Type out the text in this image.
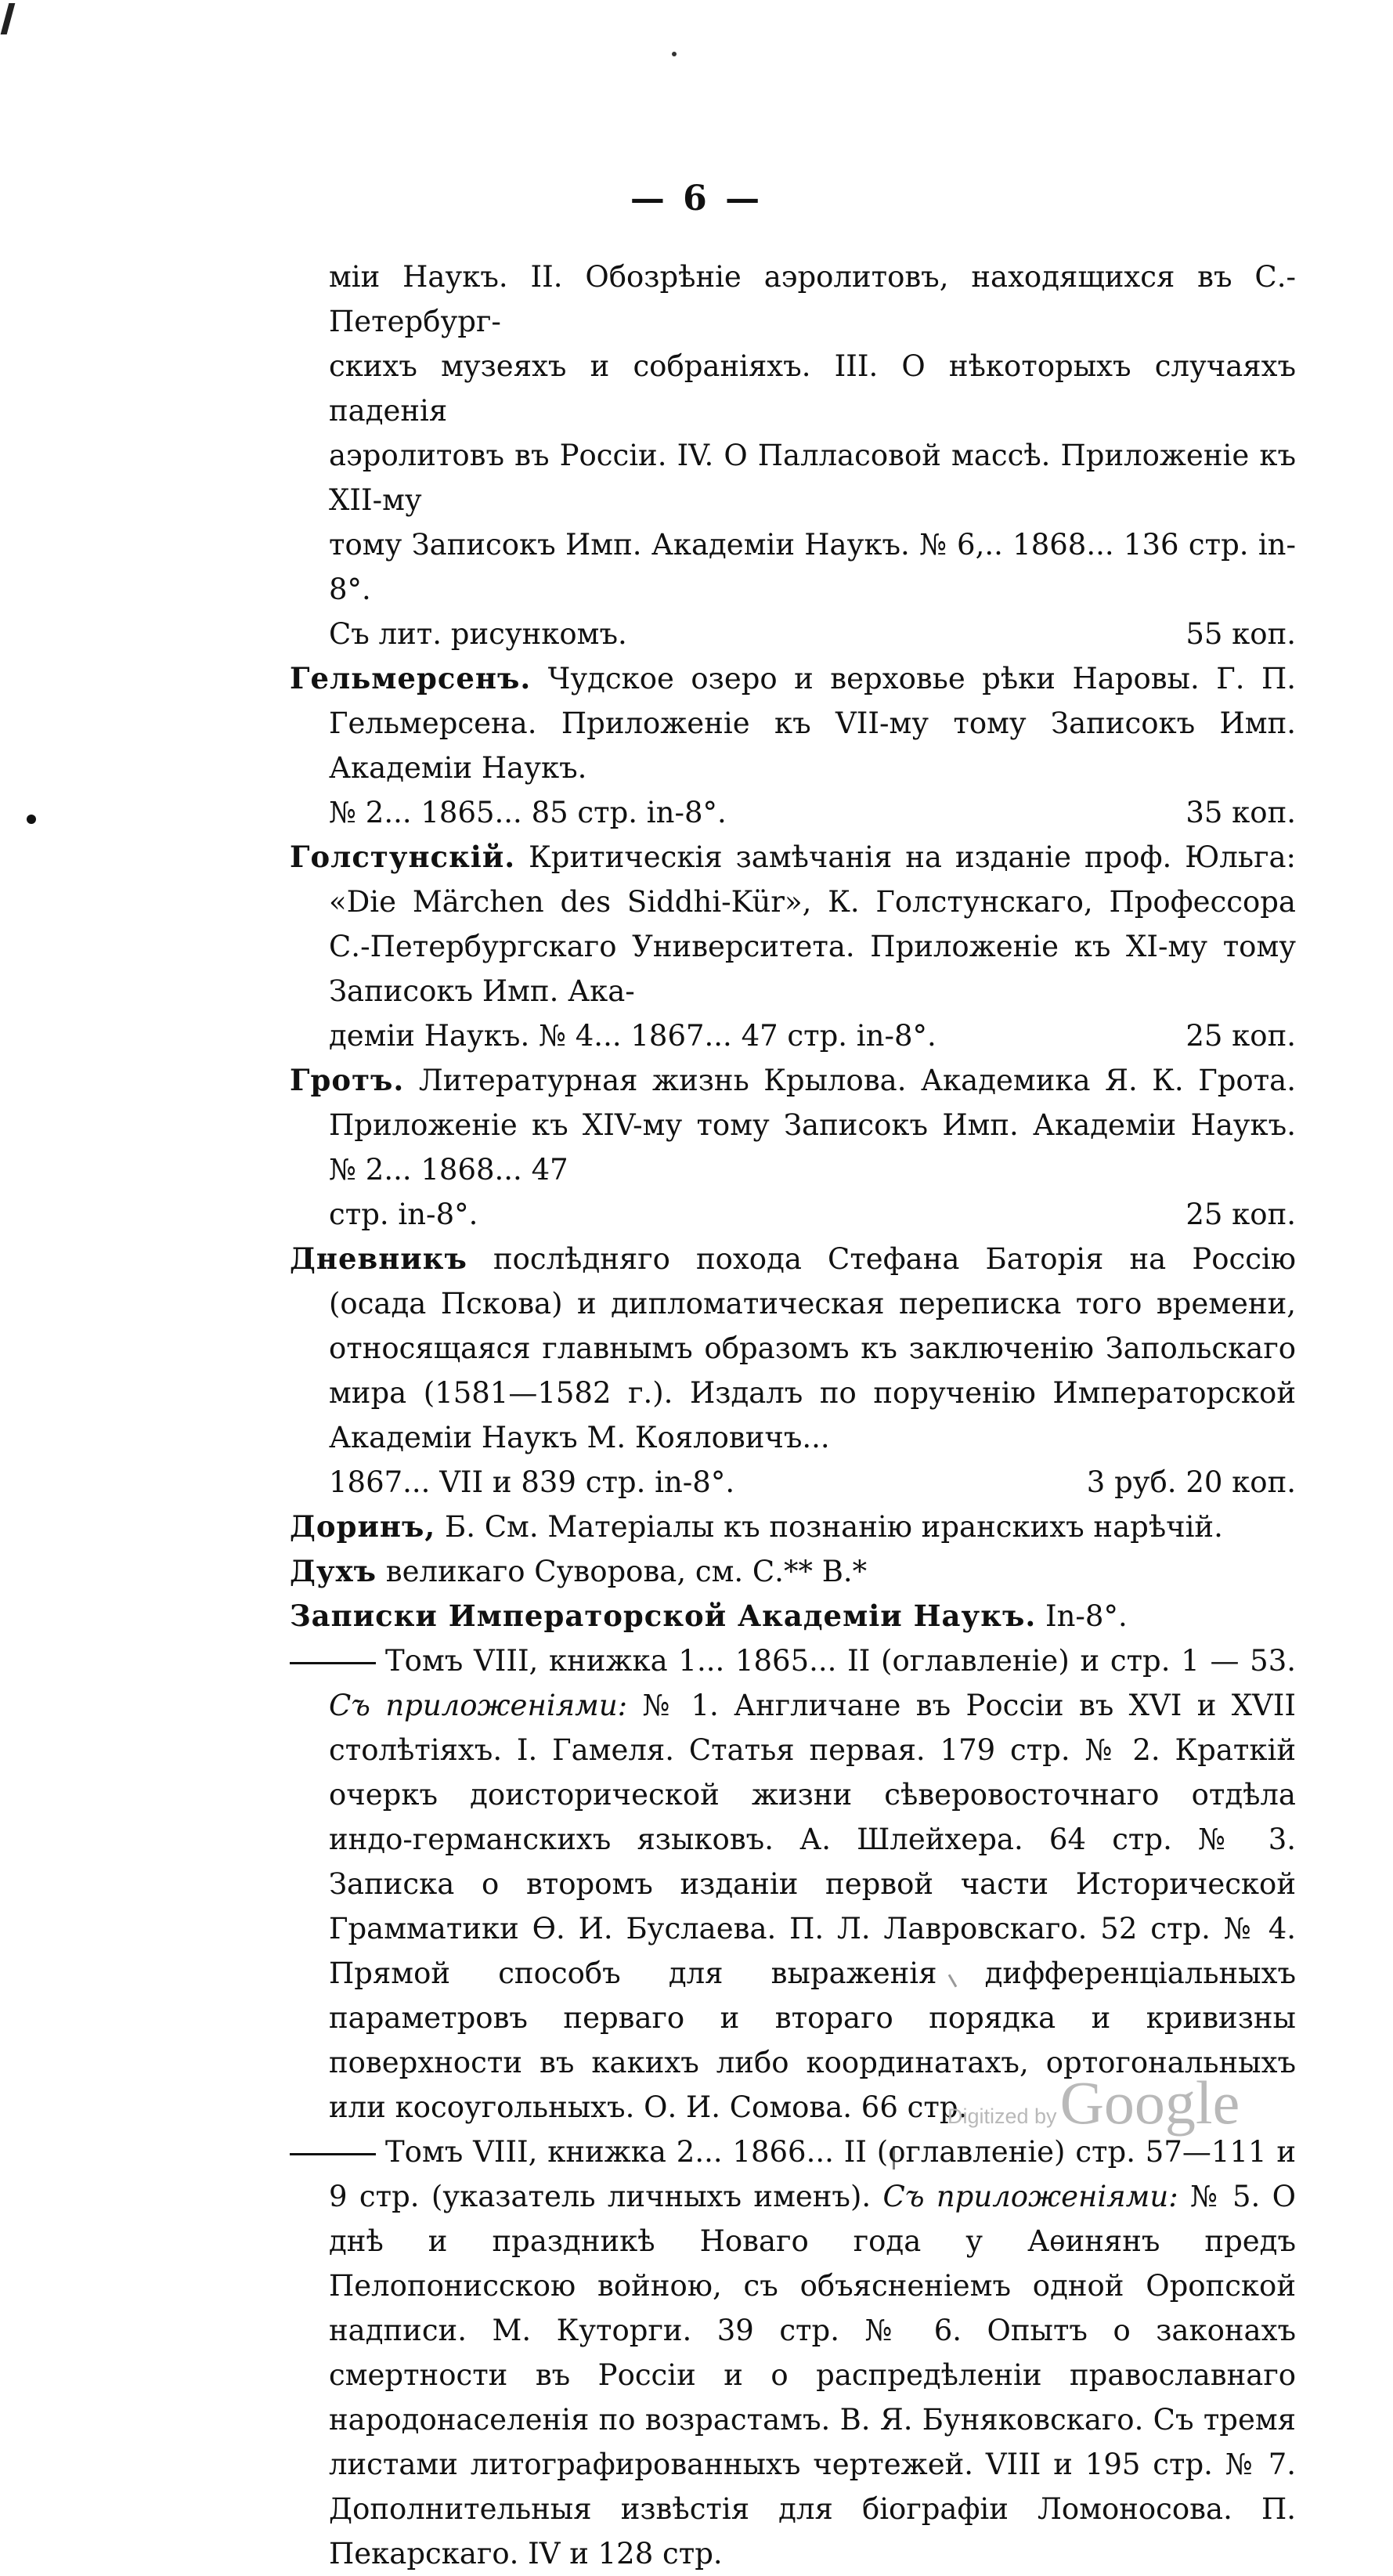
— 6 —
міи Наукъ. II. Обозрѣніе аэролитовъ, находящихся въ С.-Петербург-
скихъ музеяхъ и собраніяхъ. III. О нѣкоторыхъ случаяхъ паденія
аэролитовъ въ Россіи. IV. О Палласовой массѣ. Приложеніе къ XII-му
тому Записокъ Имп. Академіи Наукъ. № 6,.. 1868... 136 стр. in-8°.
Съ лит. рисункомъ.	55 коп.
Гельмерсенъ. Чудское озеро и верховье рѣки Наровы. Г. П. Гельмерсена. Приложеніе къ VII-му тому Записокъ Имп. Академіи Наукъ.
№ 2... 1865... 85 стр. in-8°.	35 коп.
Голстунскій. Критическія замѣчанія на изданіе проф. Юльга: «Die Märchen des Siddhi-Kür», К. Голстунскаго, Профессора С.-Петербургскаго Университета. Приложеніе къ XI-му тому Записокъ Имп. Ака-
деміи Наукъ. № 4... 1867... 47 стр. in-8°.	25 коп.
Гротъ. Литературная жизнь Крылова. Академика Я. К. Грота. Приложеніе къ XIV-му тому Записокъ Имп. Академіи Наукъ. № 2... 1868... 47
стр. in-8°.	25 коп.
Дневникъ послѣдняго похода Стефана Баторія на Россію (осада Пскова) и дипломатическая переписка того времени, относящаяся главнымъ образомъ къ заключенію Запольскаго мира (1581—1582 г.). Издалъ по порученію Императорской Академіи Наукъ М. Кояловичъ...
1867... VII и 839 стр. in-8°.	3 руб. 20 коп.
Доринъ, Б. См. Матеріалы къ познанію иранскихъ нарѣчій.
Духъ великаго Суворова, см. С.** В.*
Записки Императорской Академіи Наукъ. In-8°.
Томъ VIII, книжка 1... 1865... II (оглавленіе) и стр. 1 — 53. Съ приложеніями: № 1. Англичане въ Россіи въ XVI и XVII столѣтіяхъ. I. Гамеля. Статья первая. 179 стр. № 2. Краткій очеркъ доисторической жизни сѣверовосточнаго отдѣла индо-германскихъ языковъ. А. Шлейхера. 64 стр. № 3. Записка о второмъ изданіи первой части Исторической Грамматики Ѳ. И. Буслаева. П. Л. Лавровскаго. 52 стр. № 4. Прямой способъ для выраженія дифференціальныхъ параметровъ перваго и втораго порядка и кривизны поверхности въ какихъ либо координатахъ, ортогональныхъ или косоугольныхъ. О. И. Сомова. 66 стр.
Томъ VIII, книжка 2... 1866... II (оглавленіе) стр. 57—111 и 9 стр. (указатель личныхъ именъ). Съ приложеніями: № 5. О днѣ и праздникѣ Новаго года у Аѳинянъ предъ Пелопонисскою войною, съ объясненіемъ одной Оропской надписи. М. Куторги. 39 стр. № 6. Опытъ о законахъ смертности въ Россіи и о распредѣленіи православнаго народонаселенія по возрастамъ. В. Я. Буняковскаго. Съ тремя листами литографированныхъ чертежей. VIII и 195 стр. № 7. Дополнительныя извѣстія для біографіи Ломоносова. П. Пекарскаго. IV и 128 стр.
Digitized by Google
